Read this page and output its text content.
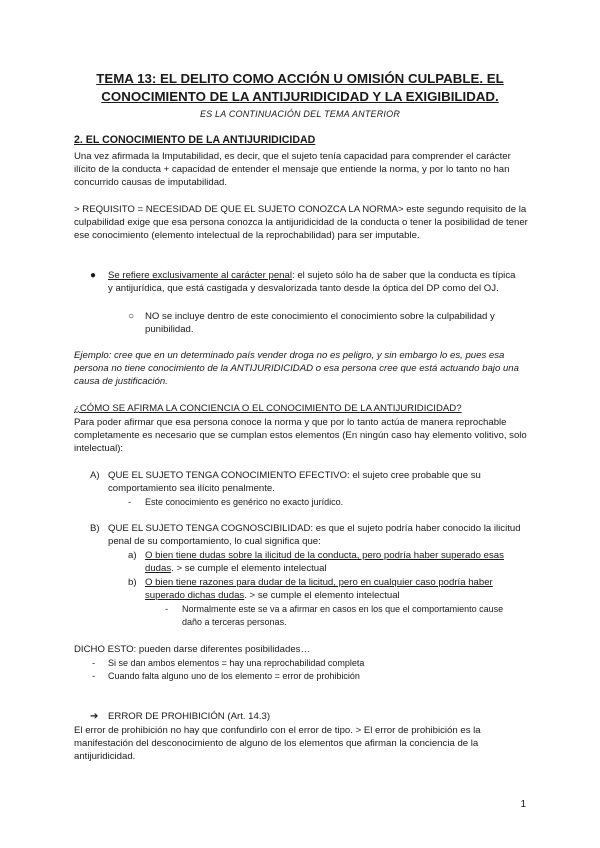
TEMA 13: EL DELITO COMO ACCIÓN U OMISIÓN CULPABLE. EL
CONOCIMIENTO DE LA ANTIJURIDICIDAD Y LA EXIGIBILIDAD.
ES LA CONTINUACIÓN DEL TEMA ANTERIOR
2. EL CONOCIMIENTO DE LA ANTIJURIDICIDAD
Una vez afirmada la Imputabilidad, es decir, que el sujeto tenía capacidad para comprender el carácter ilícito de la conducta + capacidad de entender el mensaje que entiende la norma, y por lo tanto no han concurrido causas de imputabilidad.
> REQUISITO = NECESIDAD DE QUE EL SUJETO CONOZCA LA NORMA> este segundo requisito de la culpabilidad exige que esa persona conozca la antijuridicidad de la conducta o tener la posibilidad de tener ese conocimiento (elemento intelectual de la reprochabilidad) para ser imputable.
● Se refiere exclusivamente al carácter penal: el sujeto sólo ha de saber que la conducta es típica y antijurídica, que está castigada y desvalorizada tanto desde la óptica del DP como del OJ.
○ NO se incluye dentro de este conocimiento el conocimiento sobre la culpabilidad y punibilidad.
Ejemplo: cree que en un determinado país vender droga no es peligro, y sin embargo lo es, pues esa persona no tiene conocimiento de la ANTIJURIDICIDAD o esa persona cree que está actuando bajo una causa de justificación.
¿CÓMO SE AFIRMA LA CONCIENCIA O EL CONOCIMIENTO DE LA ANTIJURIDICIDAD?
Para poder afirmar que esa persona conoce la norma y que por lo tanto actúa de manera reprochable completamente es necesario que se cumplan estos elementos (En ningún caso hay elemento volitivo, solo intelectual):
A) QUE EL SUJETO TENGA CONOCIMIENTO EFECTIVO: el sujeto cree probable que su comportamiento sea ilícito penalmente.
- Este conocimiento es genérico no exacto jurídico.
B) QUE EL SUJETO TENGA COGNOSCIBILIDAD: es que el sujeto podría haber conocido la ilicitud penal de su comportamiento, lo cual significa que:
a) O bien tiene dudas sobre la ilicitud de la conducta, pero podría haber superado esas
dudas. > se cumple el elemento intelectual
b) O bien tiene razones para dudar de la licitud, pero en cualquier caso podría haber
superado dichas dudas. > se cumple el elemento intelectual
- Normalmente este se va a afirmar en casos en los que el comportamiento cause daño a terceras personas.
DICHO ESTO: pueden darse diferentes posibilidades…
- Si se dan ambos elementos = hay una reprochabilidad completa
- Cuando falta alguno uno de los elemento = error de prohibición
➔ ERROR DE PROHIBICIÓN (Art. 14.3)
El error de prohibición no hay que confundirlo con el error de tipo. > El error de prohibición es la manifestación del desconocimiento de alguno de los elementos que afirman la conciencia de la antijuridicidad.
1
